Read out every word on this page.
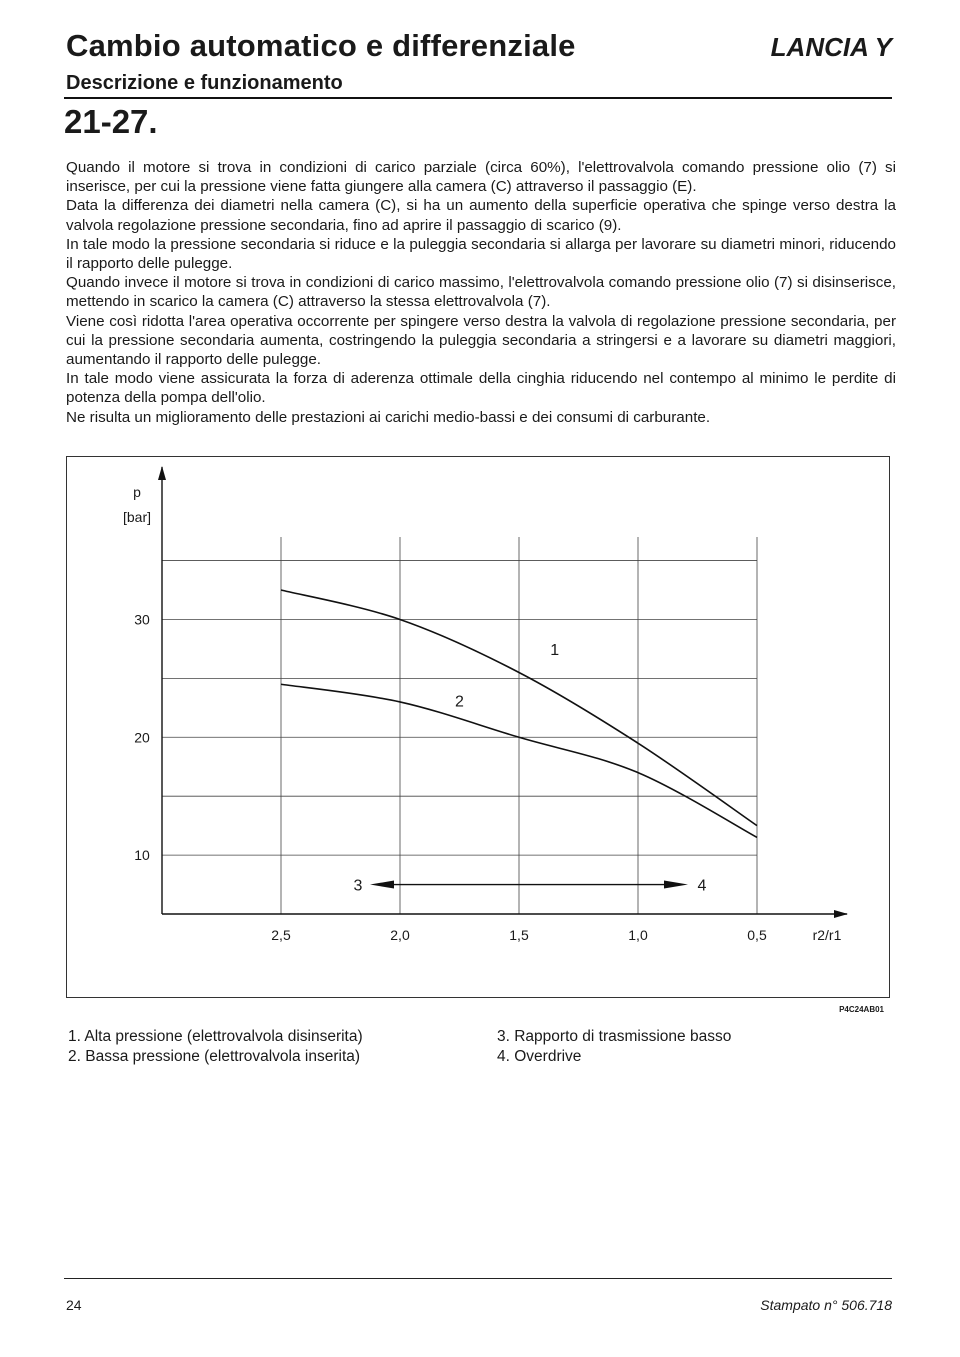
Cambio automatico e differenziale	LANCIA Y
Descrizione e funzionamento
21-27.

Quando il motore si trova in condizioni di carico parziale (circa 60%), l'elettrovalvola comando pressione olio (7) si inserisce, per cui la pressione viene fatta giungere alla camera (C) attraverso il passaggio (E).

Data la differenza dei diametri nella camera (C), si ha un aumento della superficie operativa che spinge verso destra la valvola regolazione pressione secondaria, fino ad aprire il passaggio di scarico (9).

In tale modo la pressione secondaria si riduce e la puleggia secondaria si allarga per lavorare su diametri minori, riducendo il rapporto delle pulegge.

Quando invece il motore si trova in condizioni di carico massimo, l'elettrovalvola comando pressione olio (7) si disinserisce, mettendo in scarico la camera (C) attraverso la stessa elettrovalvola (7).

Viene così ridotta l'area operativa occorrente per spingere verso destra la valvola di regolazione pressione secondaria, per cui la pressione secondaria aumenta, costringendo la puleggia secondaria a stringersi e a lavorare su diametri maggiori, aumentando il rapporto delle pulegge.

In tale modo viene assicurata la forza di aderenza ottimale della cinghia riducendo nel contempo al minimo le perdite di potenza della pompa dell'olio.

Ne risulta un miglioramento delle prestazioni ai carichi medio-bassi e dei consumi di carburante.

p
[bar]
2,5	2,0	1,5	1,0	0,5	r2/r1
30
20
10
1
2
3	4
P4C24AB01
1. Alta pressione (elettrovalvola disinserita)
2. Bassa pressione (elettrovalvola inserita)
3. Rapporto di trasmissione basso
4. Overdrive
24	Stampato n° 506.718
